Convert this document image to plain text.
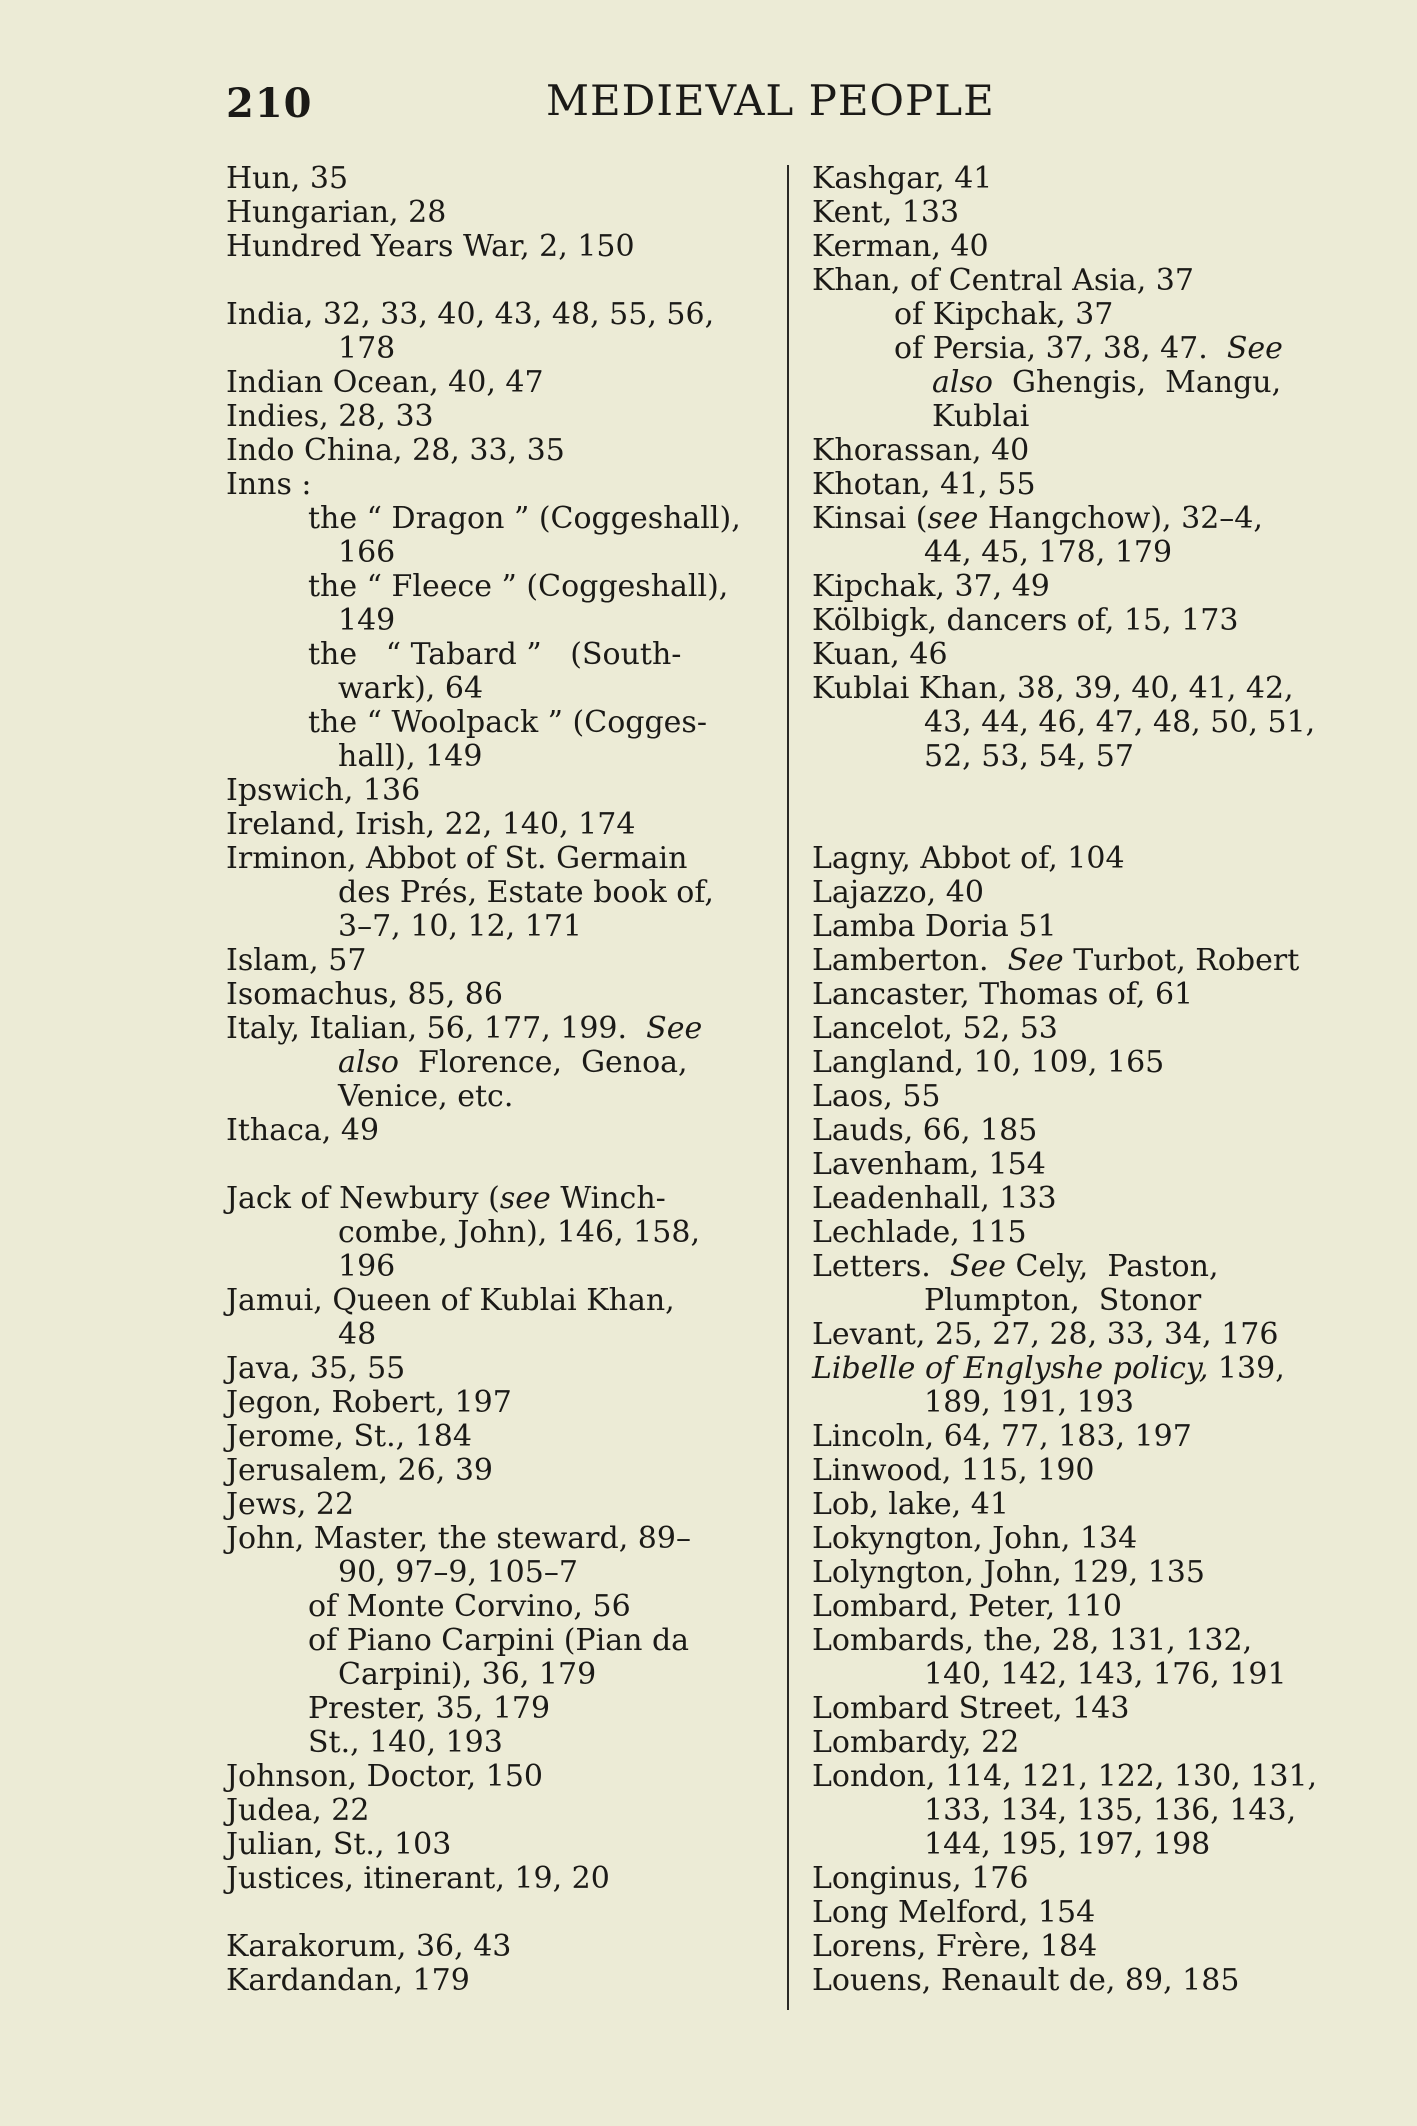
210	MEDIEVAL PEOPLE
Hun, 35
Hungarian, 28
Hundred Years War, 2, 150
India, 32, 33, 40, 43, 48, 55, 56,
178
Indian Ocean, 40, 47
Indies, 28, 33
Indo China, 28, 33, 35
Inns :
the “ Dragon ” (Coggeshall),
166
the “ Fleece ” (Coggeshall),
149
the   “ Tabard ”   (South-
wark), 64
the “ Woolpack ” (Cogges-
hall), 149
Ipswich, 136
Ireland, Irish, 22, 140, 174
Irminon, Abbot of St. Germain
des Prés, Estate book of,
3–7, 10, 12, 171
Islam, 57
Isomachus, 85, 86
Italy, Italian, 56, 177, 199. See
also Florence,  Genoa,
Venice, etc.
Ithaca, 49
Jack of Newbury (see Winch-
combe, John), 146, 158,
196
Jamui, Queen of Kublai Khan,
48
Java, 35, 55
Jegon, Robert, 197
Jerome, St., 184
Jerusalem, 26, 39
Jews, 22
John, Master, the steward, 89–
90, 97–9, 105–7
of Monte Corvino, 56
of Piano Carpini (Pian da
Carpini), 36, 179
Prester, 35, 179
St., 140, 193
Johnson, Doctor, 150
Judea, 22
Julian, St., 103
Justices, itinerant, 19, 20
Karakorum, 36, 43
Kardandan, 179
Kashgar, 41
Kent, 133
Kerman, 40
Khan, of Central Asia, 37
of Kipchak, 37
of Persia, 37, 38, 47. See
also Ghengis,  Mangu,
Kublai
Khorassan, 40
Khotan, 41, 55
Kinsai (see Hangchow), 32–4,
44, 45, 178, 179
Kipchak, 37, 49
Kölbigk, dancers of, 15, 173
Kuan, 46
Kublai Khan, 38, 39, 40, 41, 42,
43, 44, 46, 47, 48, 50, 51,
52, 53, 54, 57
Lagny, Abbot of, 104
Lajazzo, 40
Lamba Doria 51
Lamberton. See Turbot, Robert
Lancaster, Thomas of, 61
Lancelot, 52, 53
Langland, 10, 109, 165
Laos, 55
Lauds, 66, 185
Lavenham, 154
Leadenhall, 133
Lechlade, 115
Letters. See Cely,  Paston,
Plumpton,  Stonor
Levant, 25, 27, 28, 33, 34, 176
Libelle of Englyshe policy, 139,
189, 191, 193
Lincoln, 64, 77, 183, 197
Linwood, 115, 190
Lob, lake, 41
Lokyngton, John, 134
Lolyngton, John, 129, 135
Lombard, Peter, 110
Lombards, the, 28, 131, 132,
140, 142, 143, 176, 191
Lombard Street, 143
Lombardy, 22
London, 114, 121, 122, 130, 131,
133, 134, 135, 136, 143,
144, 195, 197, 198
Longinus, 176
Long Melford, 154
Lorens, Frère, 184
Louens, Renault de, 89, 185
